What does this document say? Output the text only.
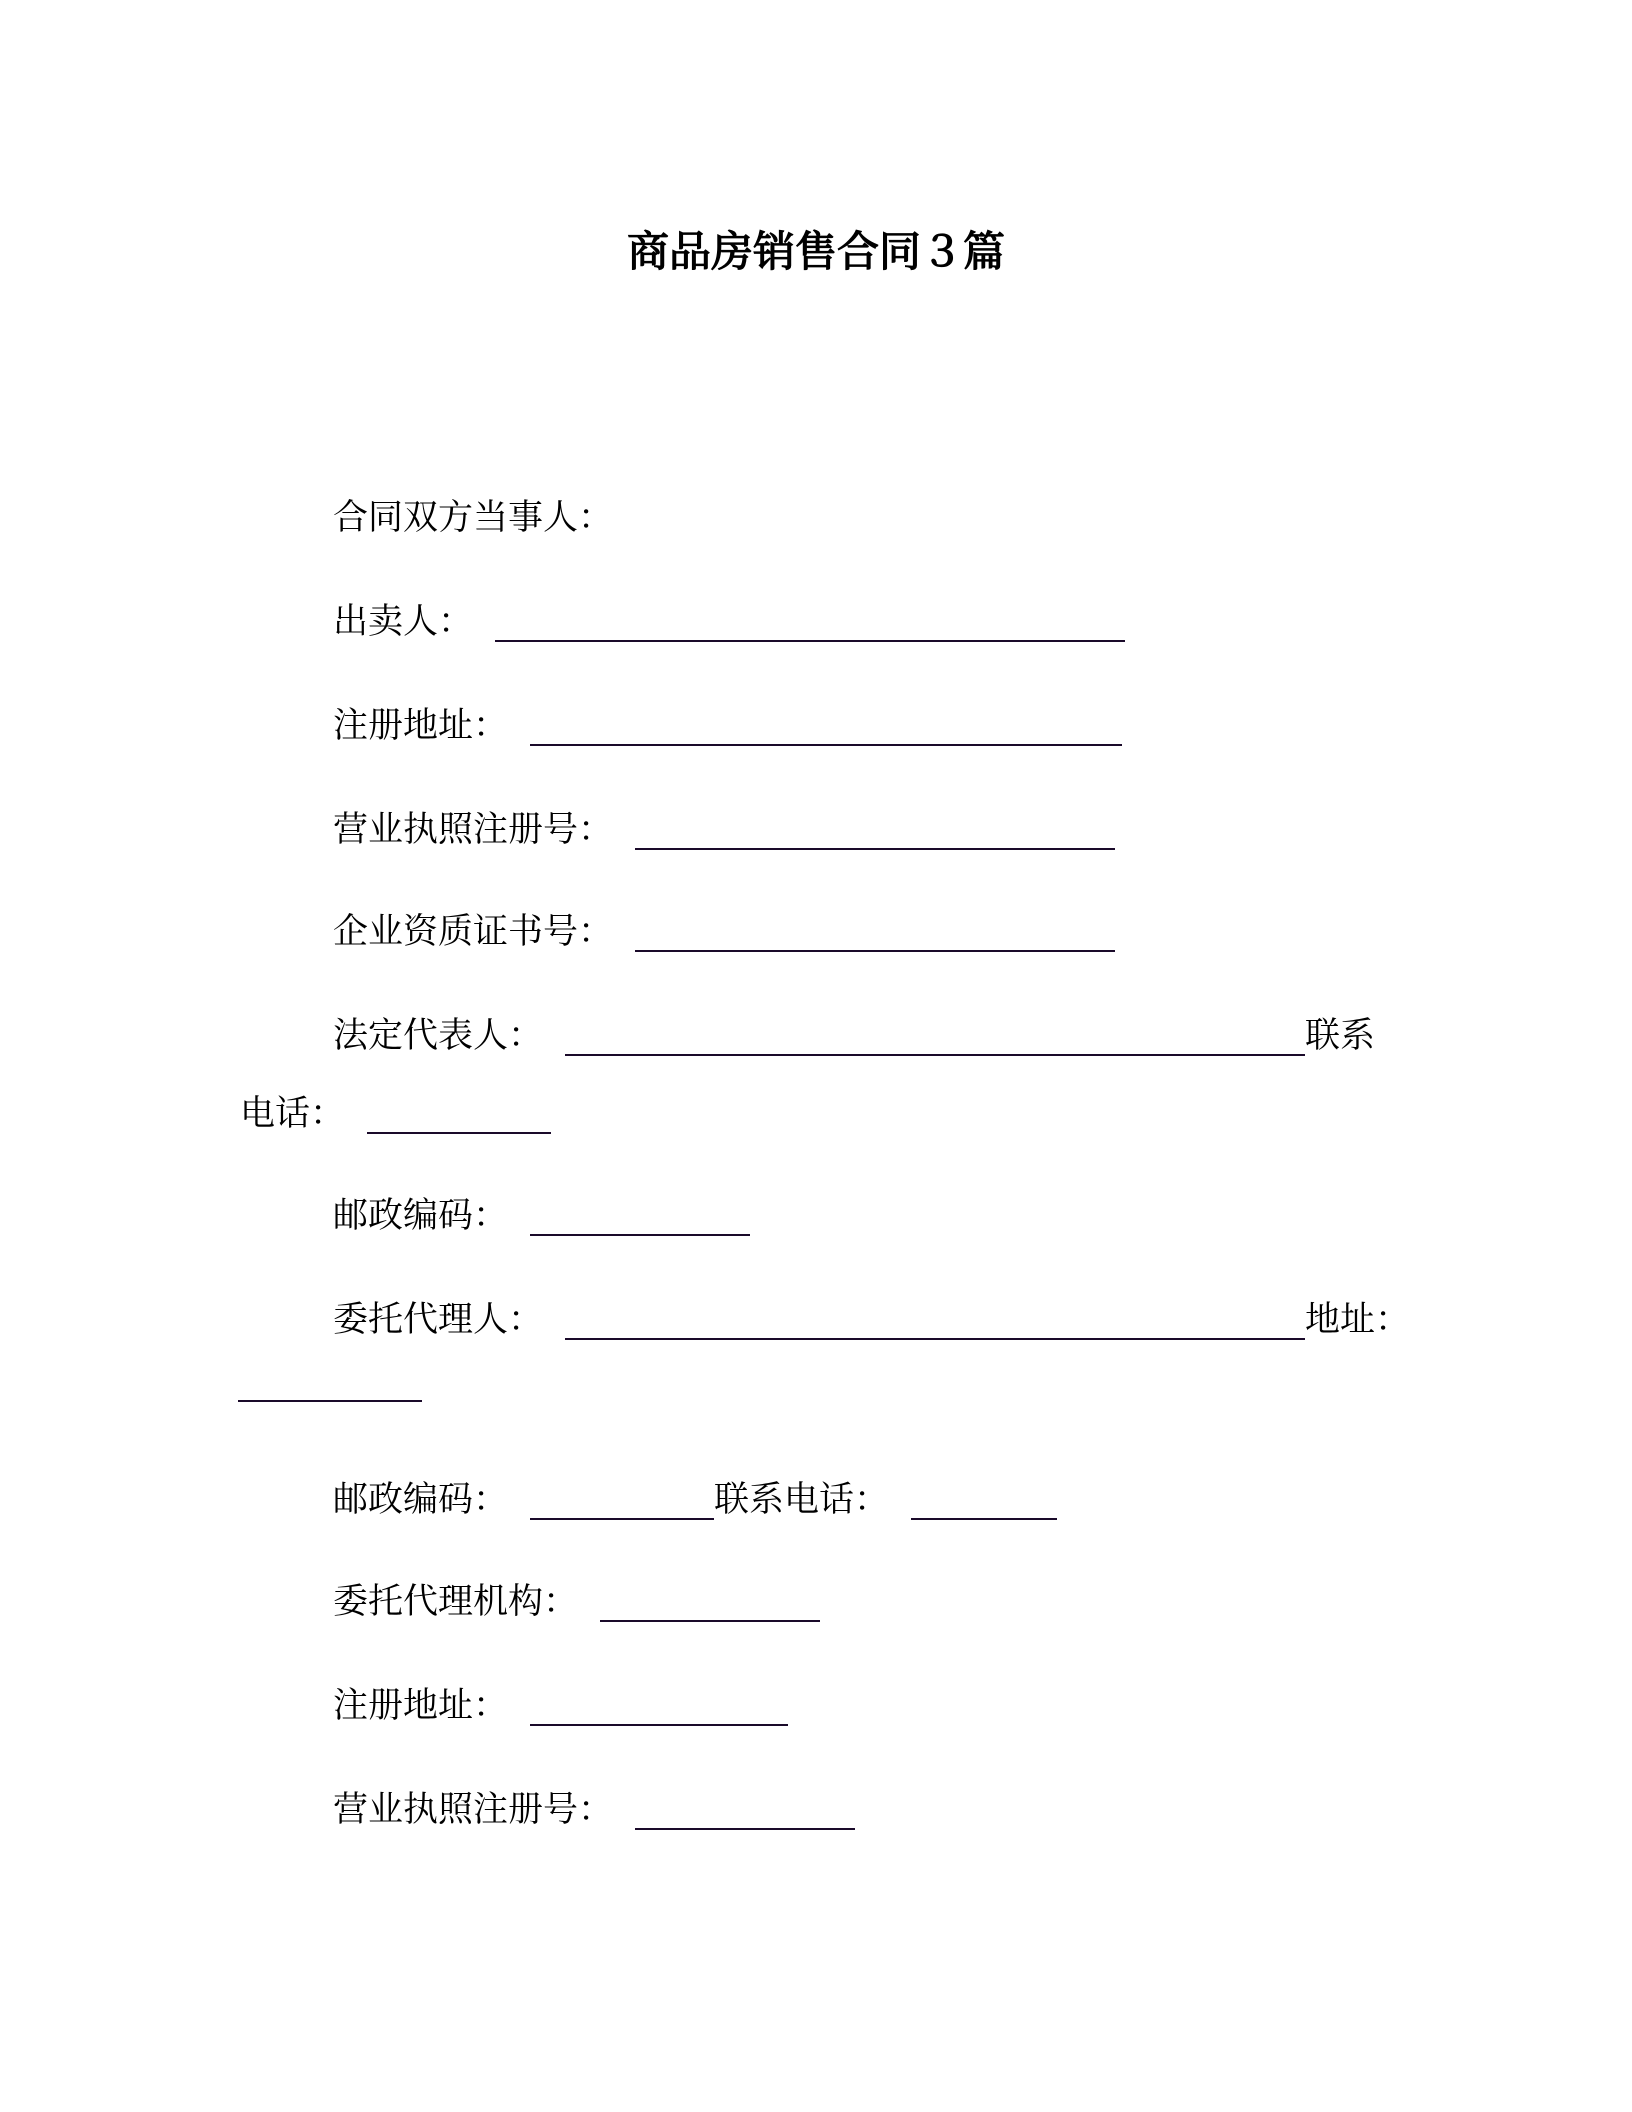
商品房销售合同３篇
合同双方当事人：
出卖人：
注册地址：
营业执照注册号：
企业资质证书号：
法定代表人：	联系
电话：
邮政编码：
委托代理人：	地址：
邮政编码：	联系电话：
委托代理机构：
注册地址：
营业执照注册号：
